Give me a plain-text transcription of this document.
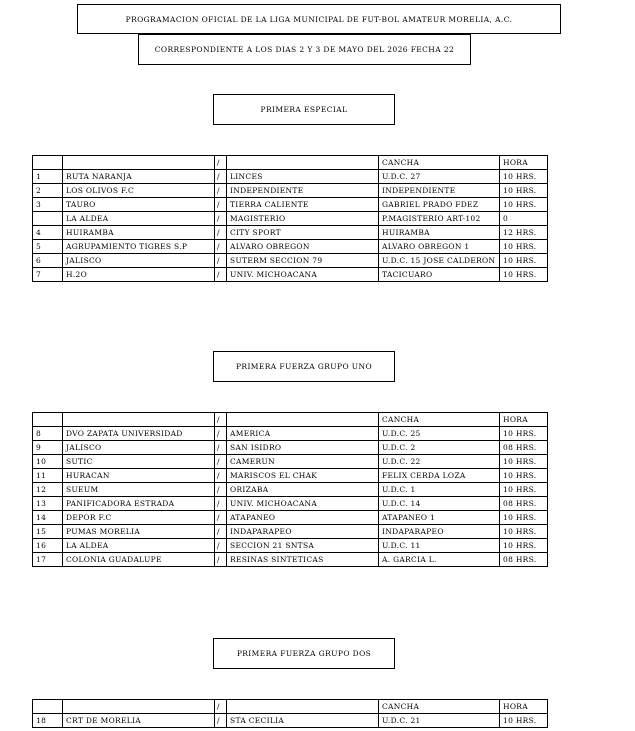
PROGRAMACION OFICIAL DE LA LIGA MUNICIPAL DE FUT-BOL AMATEUR MORELIA, A.C.
CORRESPONDIENTE A LOS DIAS 2 Y 3 DE MAYO DEL 2026 FECHA 22
PRIMERA ESPECIAL
		/		CANCHA	HORA
1	RUTA NARANJA	/	LINCES	U.D.C. 27	10 HRS.
2	LOS OLIVOS F.C	/	INDEPENDIENTE	INDEPENDIENTE	10 HRS.
3	TAURO	/	TIERRA CALIENTE	GABRIEL PRADO FDEZ	10 HRS.
	LA ALDEA	/	MAGISTERIO	P.MAGISTERIO ART-102	0
4	HUIRAMBA	/	CITY SPORT	HUIRAMBA	12 HRS.
5	AGRUPAMIENTO TIGRES S.P	/	ALVARO OBREGON	ALVARO OBREGON 1	10 HRS.
6	JALISCO	/	SUTERM SECCION 79	U.D.C. 15 JOSE CALDERON	10 HRS.
7	H.2O	/	UNIV. MICHOACANA	TACICUARO	10 HRS.
PRIMERA FUERZA GRUPO UNO
		/		CANCHA	HORA
8	DVO ZAPATA UNIVERSIDAD	/	AMERICA	U.D.C. 25	10 HRS.
9	JALISCO	/	SAN ISIDRO	U.D.C. 2	08 HRS.
10	SUTIC	/	CAMERUN	U.D.C. 22	10 HRS.
11	HURACAN	/	MARISCOS EL CHAK	FELIX CERDA LOZA	10 HRS.
12	SUEUM	/	ORIZABA	U.D.C. 1	10 HRS.
13	PANIFICADORA ESTRADA	/	UNIV. MICHOACANA	U.D.C. 14	08 HRS.
14	DEPOR F.C	/	ATAPANEO	ATAPANEO 1	10 HRS.
15	PUMAS MORELIA	/	INDAPARAPEO	INDAPARAPEO	10 HRS.
16	LA ALDEA	/	SECCION 21 SNTSA	U.D.C. 11	10 HRS.
17	COLONIA GUADALUPE	/	RESINAS SINTETICAS	A. GARCIA L.	08 HRS.
PRIMERA FUERZA GRUPO DOS
		/		CANCHA	HORA
18	CRT DE MORELIA	/	STA CECILIA	U.D.C. 21	10 HRS.
